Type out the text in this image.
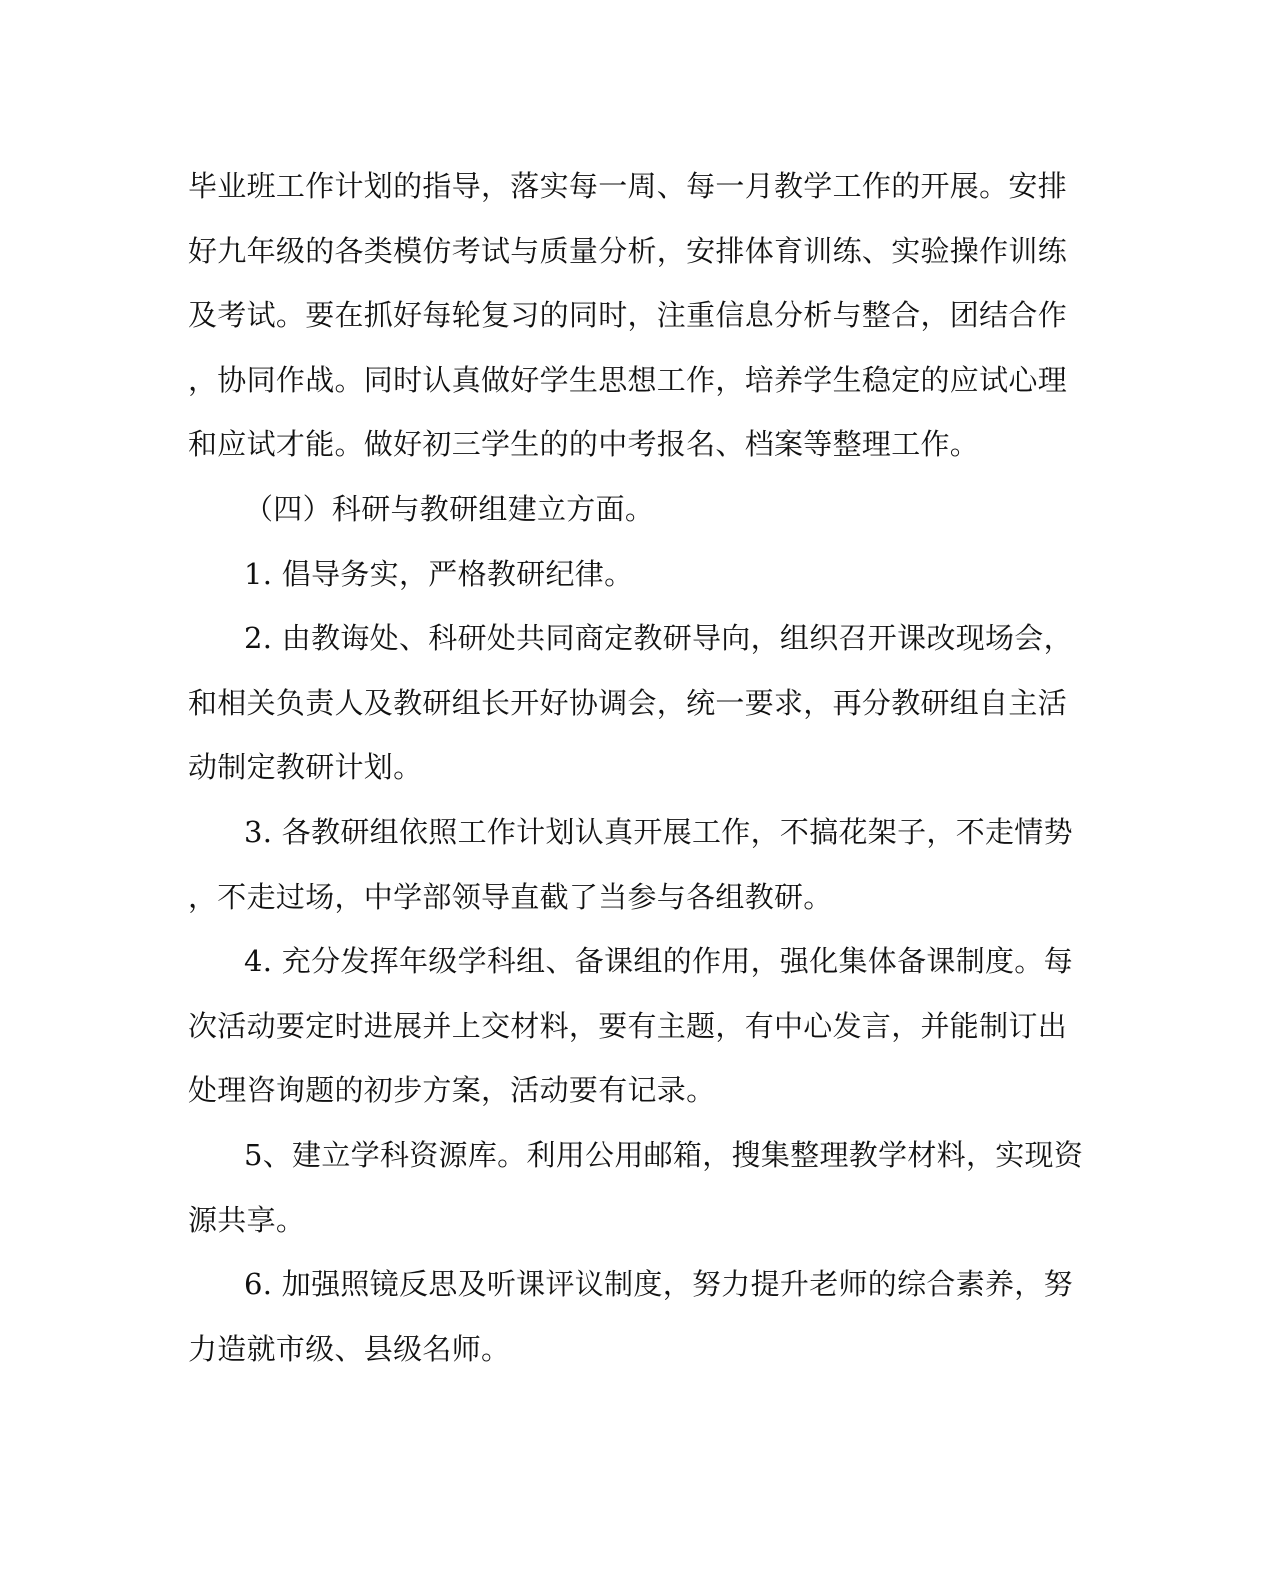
毕业班工作计划的指导，落实每一周、每一月教学工作的开展。安排
好九年级的各类模仿考试与质量分析，安排体育训练、实验操作训练
及考试。要在抓好每轮复习的同时，注重信息分析与整合，团结合作
，协同作战。同时认真做好学生思想工作，培养学生稳定的应试心理
和应试才能。做好初三学生的的中考报名、档案等整理工作。
（四）科研与教研组建立方面。
1. 倡导务实，严格教研纪律。
2. 由教诲处、科研处共同商定教研导向，组织召开课改现场会，
和相关负责人及教研组长开好协调会，统一要求，再分教研组自主活
动制定教研计划。
3. 各教研组依照工作计划认真开展工作，不搞花架子，不走情势
，不走过场，中学部领导直截了当参与各组教研。
4. 充分发挥年级学科组、备课组的作用，强化集体备课制度。每
次活动要定时进展并上交材料，要有主题，有中心发言，并能制订出
处理咨询题的初步方案，活动要有记录。
5、建立学科资源库。利用公用邮箱，搜集整理教学材料，实现资
源共享。
6. 加强照镜反思及听课评议制度，努力提升老师的综合素养，努
力造就市级、县级名师。
